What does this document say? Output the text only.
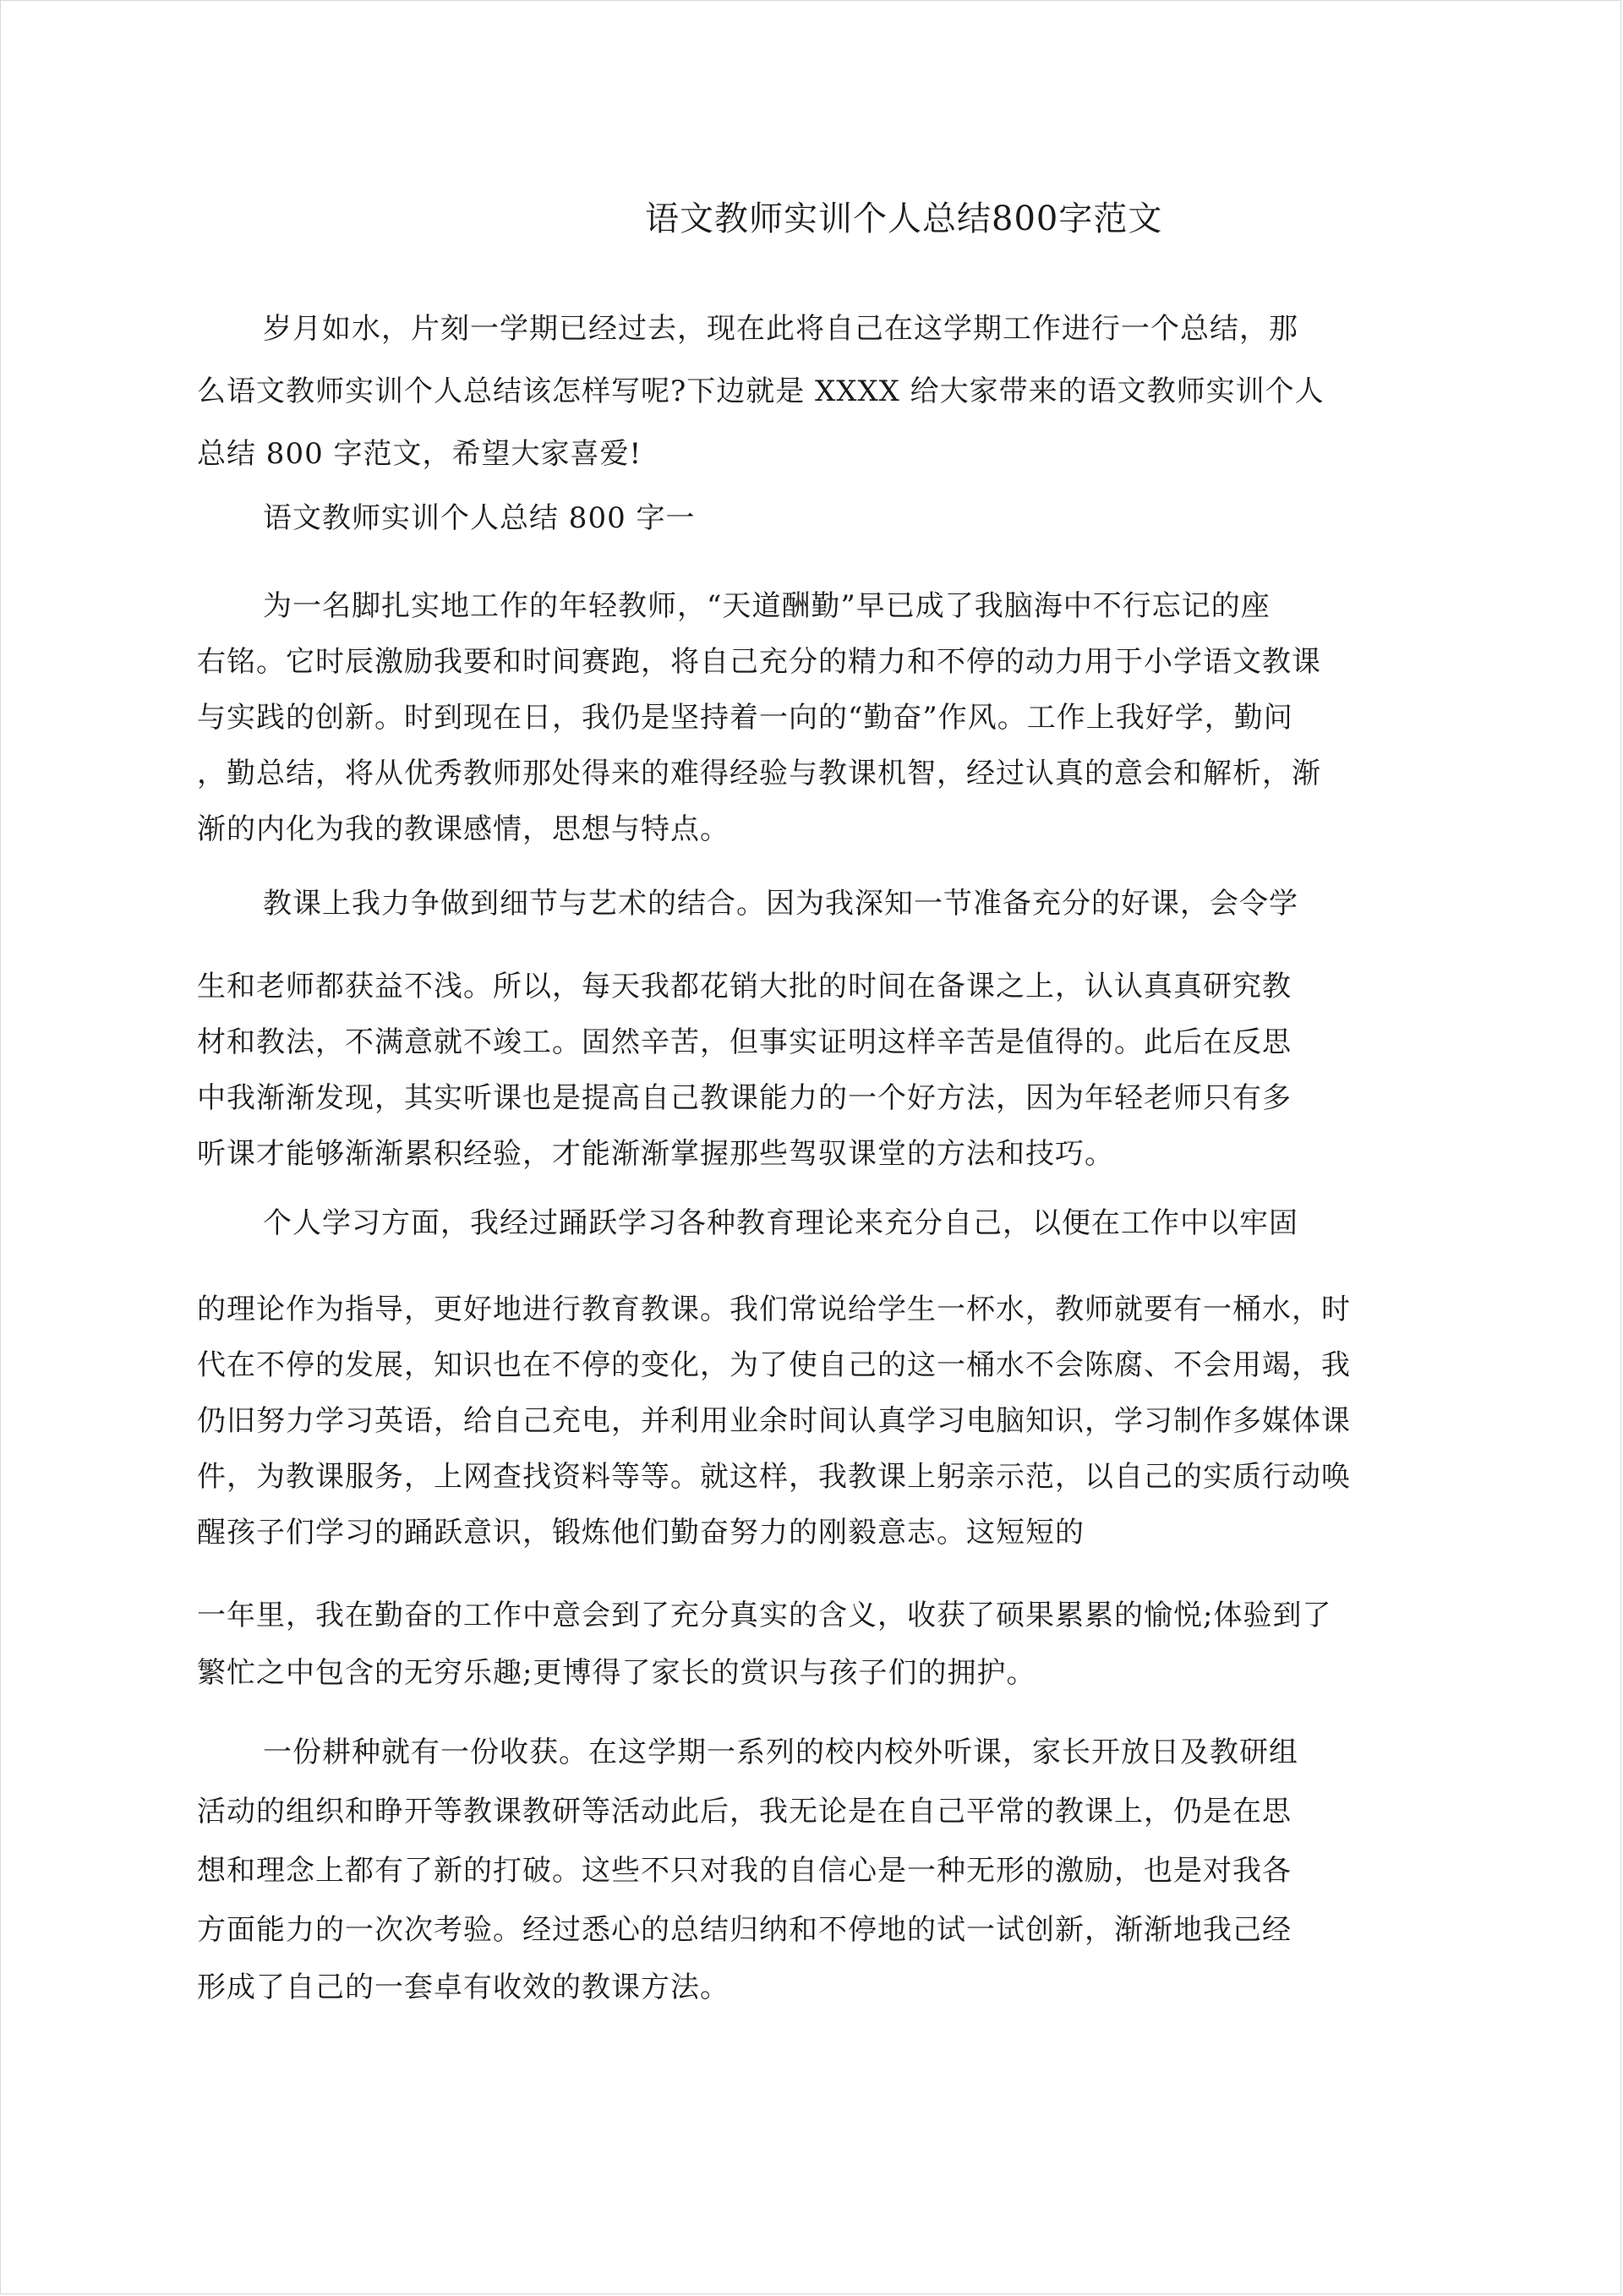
语文教师实训个人总结800字范文
岁月如水，片刻一学期已经过去，现在此将自己在这学期工作进行一个总结，那
么语文教师实训个人总结该怎样写呢?下边就是 XXXX 给大家带来的语文教师实训个人
总结 800 字范文，希望大家喜爱!
语文教师实训个人总结 800 字一
为一名脚扎实地工作的年轻教师，“天道酬勤”早已成了我脑海中不行忘记的座
右铭。它时辰激励我要和时间赛跑，将自己充分的精力和不停的动力用于小学语文教课
与实践的创新。时到现在日，我仍是坚持着一向的“勤奋”作风。工作上我好学，勤问
，勤总结，将从优秀教师那处得来的难得经验与教课机智，经过认真的意会和解析，渐
渐的内化为我的教课感情，思想与特点。
教课上我力争做到细节与艺术的结合。因为我深知一节准备充分的好课，会令学
生和老师都获益不浅。所以，每天我都花销大批的时间在备课之上，认认真真研究教
材和教法，不满意就不竣工。固然辛苦，但事实证明这样辛苦是值得的。此后在反思
中我渐渐发现，其实听课也是提高自己教课能力的一个好方法，因为年轻老师只有多
听课才能够渐渐累积经验，才能渐渐掌握那些驾驭课堂的方法和技巧。
个人学习方面，我经过踊跃学习各种教育理论来充分自己，以便在工作中以牢固
的理论作为指导，更好地进行教育教课。我们常说给学生一杯水，教师就要有一桶水，时
代在不停的发展，知识也在不停的变化，为了使自己的这一桶水不会陈腐、不会用竭，我
仍旧努力学习英语，给自己充电，并利用业余时间认真学习电脑知识，学习制作多媒体课
件，为教课服务，上网查找资料等等。就这样，我教课上躬亲示范，以自己的实质行动唤
醒孩子们学习的踊跃意识，锻炼他们勤奋努力的刚毅意志。这短短的
一年里，我在勤奋的工作中意会到了充分真实的含义，收获了硕果累累的愉悦;体验到了
繁忙之中包含的无穷乐趣;更博得了家长的赏识与孩子们的拥护。
一份耕种就有一份收获。在这学期一系列的校内校外听课，家长开放日及教研组
活动的组织和睁开等教课教研等活动此后，我无论是在自己平常的教课上，仍是在思
想和理念上都有了新的打破。这些不只对我的自信心是一种无形的激励，也是对我各
方面能力的一次次考验。经过悉心的总结归纳和不停地的试一试创新，渐渐地我己经
形成了自己的一套卓有收效的教课方法。
